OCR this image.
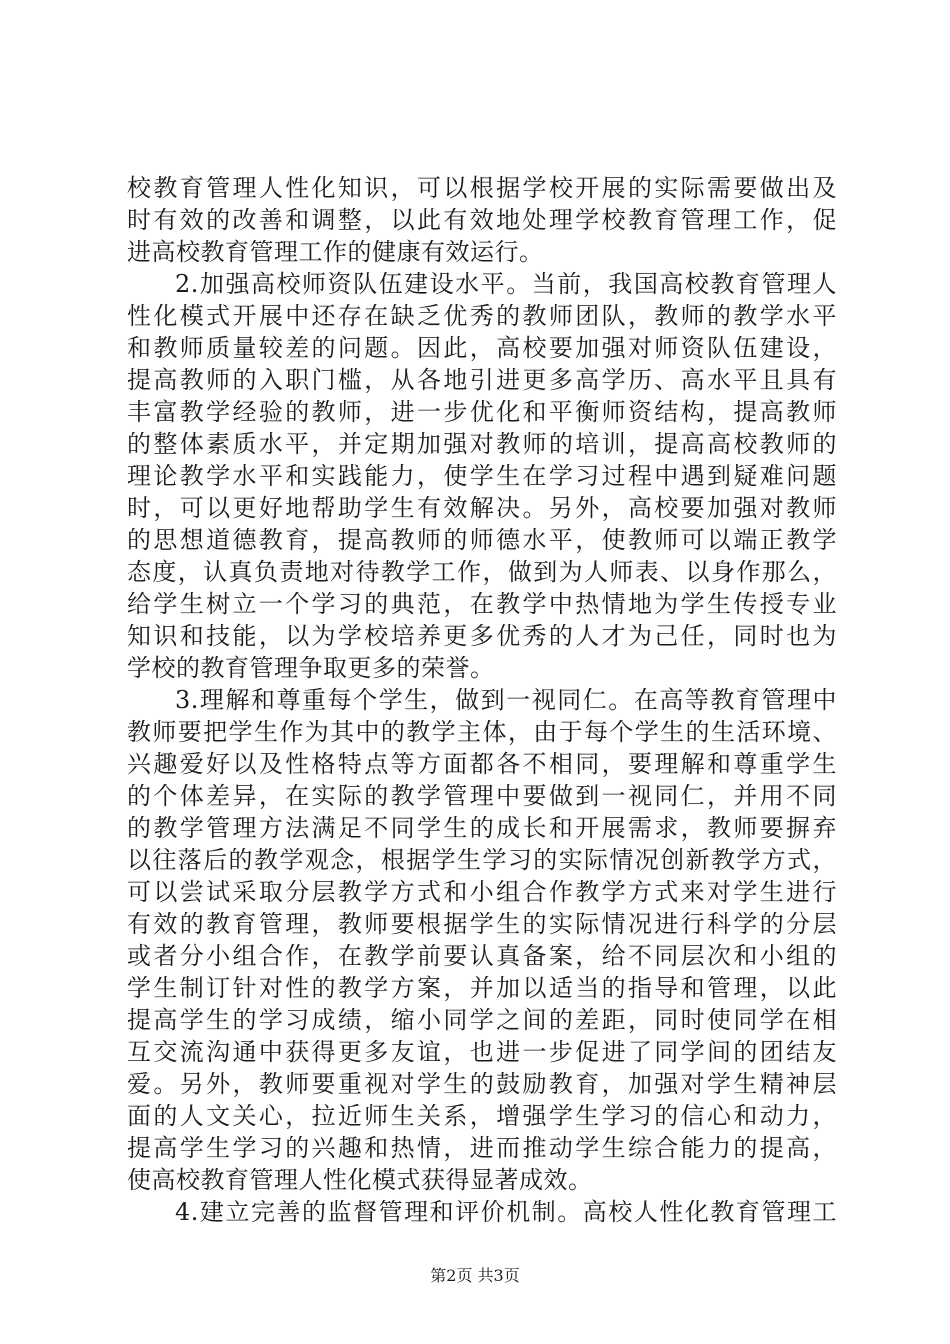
校教育管理人性化知识，可以根据学校开展的实际需要做出及
时有效的改善和调整，以此有效地处理学校教育管理工作，促
进高校教育管理工作的健康有效运行。
2.加强高校师资队伍建设水平。当前，我国高校教育管理人
性化模式开展中还存在缺乏优秀的教师团队，教师的教学水平
和教师质量较差的问题。因此，高校要加强对师资队伍建设，
提高教师的入职门槛，从各地引进更多高学历、高水平且具有
丰富教学经验的教师，进一步优化和平衡师资结构，提高教师
的整体素质水平，并定期加强对教师的培训，提高高校教师的
理论教学水平和实践能力，使学生在学习过程中遇到疑难问题
时，可以更好地帮助学生有效解决。另外，高校要加强对教师
的思想道德教育，提高教师的师德水平，使教师可以端正教学
态度，认真负责地对待教学工作，做到为人师表、以身作那么，
给学生树立一个学习的典范，在教学中热情地为学生传授专业
知识和技能，以为学校培养更多优秀的人才为己任，同时也为
学校的教育管理争取更多的荣誉。
3.理解和尊重每个学生，做到一视同仁。在高等教育管理中
教师要把学生作为其中的教学主体，由于每个学生的生活环境、
兴趣爱好以及性格特点等方面都各不相同，要理解和尊重学生
的个体差异，在实际的教学管理中要做到一视同仁，并用不同
的教学管理方法满足不同学生的成长和开展需求，教师要摒弃
以往落后的教学观念，根据学生学习的实际情况创新教学方式，
可以尝试采取分层教学方式和小组合作教学方式来对学生进行
有效的教育管理，教师要根据学生的实际情况进行科学的分层
或者分小组合作，在教学前要认真备案，给不同层次和小组的
学生制订针对性的教学方案，并加以适当的指导和管理，以此
提高学生的学习成绩，缩小同学之间的差距，同时使同学在相
互交流沟通中获得更多友谊，也进一步促进了同学间的团结友
爱。另外，教师要重视对学生的鼓励教育，加强对学生精神层
面的人文关心，拉近师生关系，增强学生学习的信心和动力，
提高学生学习的兴趣和热情，进而推动学生综合能力的提高，
使高校教育管理人性化模式获得显著成效。
4.建立完善的监督管理和评价机制。高校人性化教育管理工
第2页 共3页
